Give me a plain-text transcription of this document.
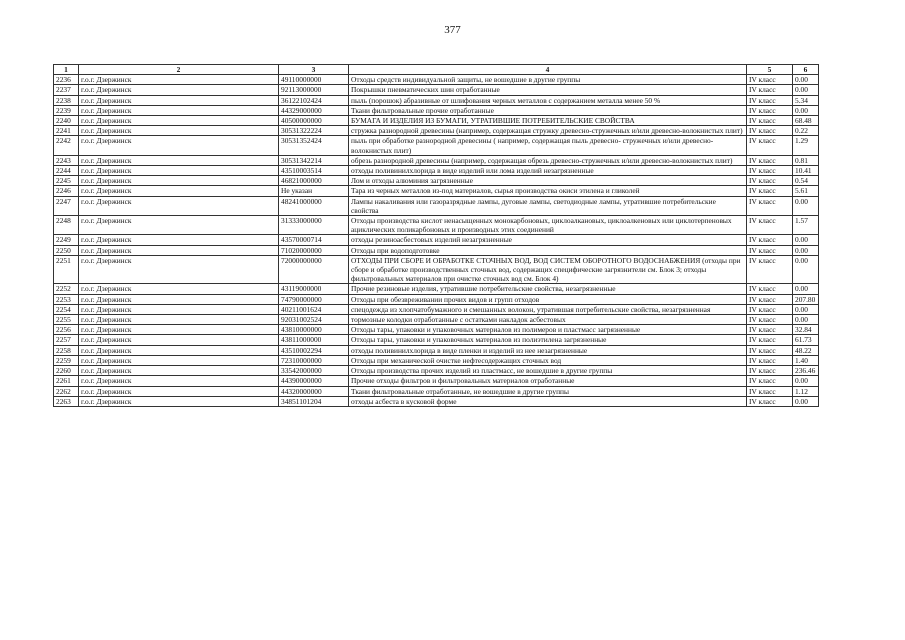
377
1	2	3	4	5	6
2236	г.о.г. Дзержинск	49110000000	Отходы средств индивидуальной защиты, не вошедшие в другие группы	IV класс	0.00
2237	г.о.г. Дзержинск	92113000000	Покрышки пневматических шин отработанные	IV класс	0.00
2238	г.о.г. Дзержинск	36122102424	пыль (порошок) абразивные от шлифования черных металлов с содержанием металла менее 50 %	IV класс	5.34
2239	г.о.г. Дзержинск	44329000000	Ткани фильтровальные прочие отработанные	IV класс	0.00
2240	г.о.г. Дзержинск	40500000000	БУМАГА И ИЗДЕЛИЯ ИЗ БУМАГИ, УТРАТИВШИЕ ПОТРЕБИТЕЛЬСКИЕ СВОЙСТВА	IV класс	68.48
2241	г.о.г. Дзержинск	30531322224	стружка разнородной древесины (например, содержащая стружку древесно-стружечных и/или древесно-волокнистых плит)	IV класс	0.22
2242	г.о.г. Дзержинск	30531352424	пыль при обработке разнородной древесины ( например, содержащая пыль древесно- стружечных и/или древесно-волокнистых плит)	IV класс	1.29
2243	г.о.г. Дзержинск	30531342214	обрезь разнородной древесины (например, содержащая обрезь древесно-стружечных и/или древесно-волокнистых плит)	IV класс	0.81
2244	г.о.г. Дзержинск	43510003514	отходы поливинилхлорида в виде изделий или лома изделий незагрязненные	IV класс	10.41
2245	г.о.г. Дзержинск	46821000000	Лом и отходы алюминия загрязненные	IV класс	0.54
2246	г.о.г. Дзержинск	Не указан	Тара из черных металлов из-под материалов, сырья производства окиси этилена и гликолей	IV класс	5.61
2247	г.о.г. Дзержинск	48241000000	Лампы накаливания или газоразрядные лампы, дуговые лампы, светодиодные лампы, утратившие потребительские свойства	IV класс	0.00
2248	г.о.г. Дзержинск	31333000000	Отходы производства кислот ненасыщенных монокарбоновых, циклоалкановых, циклоалкеновых или циклотерпеновых ациклических поликарбоновых и производных этих соединений	IV класс	1.57
2249	г.о.г. Дзержинск	43570000714	отходы резиноасбестовых изделий незагрязненные	IV класс	0.00
2250	г.о.г. Дзержинск	71020000000	Отходы при водоподготовке	IV класс	0.00
2251	г.о.г. Дзержинск	72000000000	ОТХОДЫ ПРИ СБОРЕ И ОБРАБОТКЕ СТОЧНЫХ ВОД, ВОД СИСТЕМ ОБОРОТНОГО ВОДОСНАБЖЕНИЯ (отходы при сборе и обработке производственных сточных вод, содержащих специфические загрязнители см. Блок 3; отходы фильтровальных материалов при очистке сточных вод см. Блок 4)	IV класс	0.00
2252	г.о.г. Дзержинск	43119000000	Прочие резиновые изделия, утратившие потребительские свойства, незагрязненные	IV класс	0.00
2253	г.о.г. Дзержинск	74790000000	Отходы при обезвреживании прочих видов и групп отходов	IV класс	207.80
2254	г.о.г. Дзержинск	40211001624	спецодежда из хлопчатобумажного и смешанных волокон, утратившая потребительские свойства, незагрязненная	IV класс	0.00
2255	г.о.г. Дзержинск	92031002524	тормозные колодки отработанные с остатками накладок асбестовых	IV класс	0.00
2256	г.о.г. Дзержинск	43810000000	Отходы тары, упаковки и упаковочных материалов из полимеров и пластмасс загрязненные	IV класс	32.84
2257	г.о.г. Дзержинск	43811000000	Отходы тары, упаковки и упаковочных материалов из полиэтилена загрязненные	IV класс	61.73
2258	г.о.г. Дзержинск	43510002294	отходы поливинилхлорида в виде пленки и изделий из нее незагрязненные	IV класс	48.22
2259	г.о.г. Дзержинск	72310000000	Отходы при механической очистке нефтесодержащих сточных вод	IV класс	1.40
2260	г.о.г. Дзержинск	33542000000	Отходы производства прочих изделий из пластмасс, не вошедшие в другие группы	IV класс	236.46
2261	г.о.г. Дзержинск	44390000000	Прочие отходы фильтров и фильтровальных материалов отработанные	IV класс	0.00
2262	г.о.г. Дзержинск	44320000000	Ткани фильтровальные отработанные, не вошедшие в другие группы	IV класс	1.12
2263	г.о.г. Дзержинск	34851101204	отходы асбеста в кусковой форме	IV класс	0.00
